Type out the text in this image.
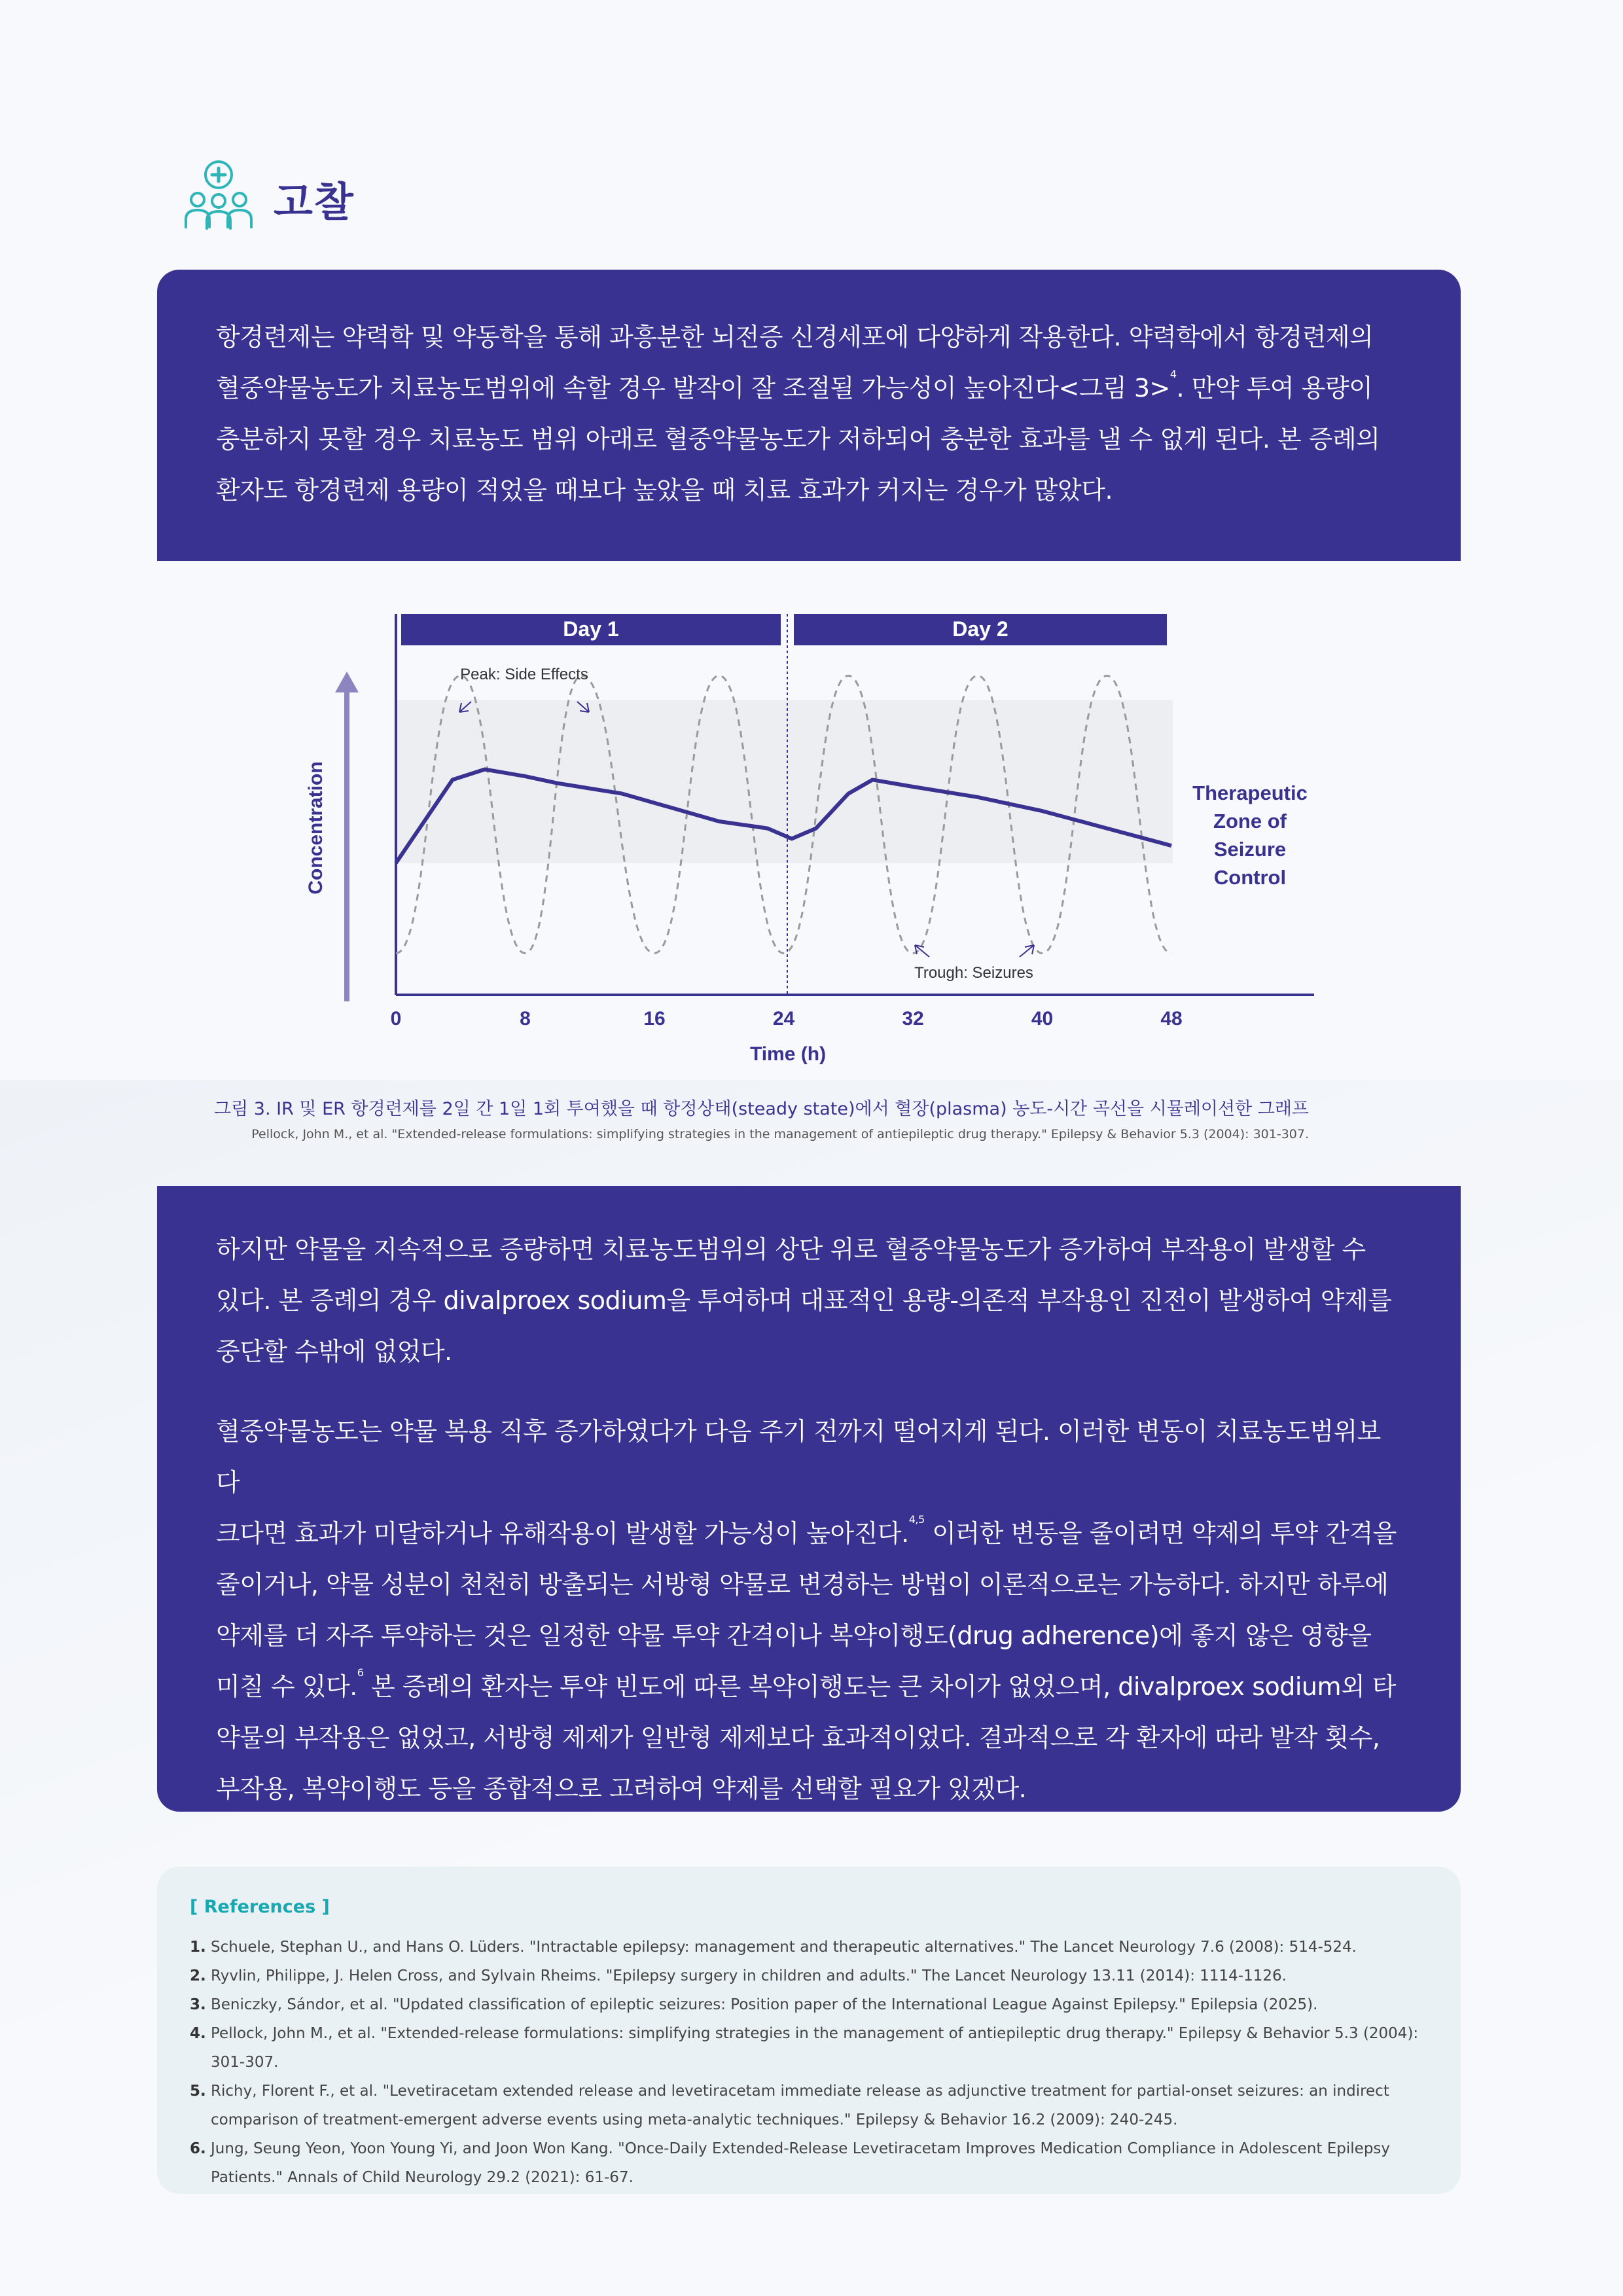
고찰

항경련제는 약력학 및 약동학을 통해 과흥분한 뇌전증 신경세포에 다양하게 작용한다. 약력학에서 항경련제의
혈중약물농도가 치료농도범위에 속할 경우 발작이 잘 조절될 가능성이 높아진다<그림 3>$^4$. 만약 투여 용량이
충분하지 못할 경우 치료농도 범위 아래로 혈중약물농도가 저하되어 충분한 효과를 낼 수 없게 된다. 본 증례의
환자도 항경련제 용량이 적었을 때보다 높았을 때 치료 효과가 커지는 경우가 많았다.

Day 1	Day 2
Concentration
0	8	16	24	32	40	48
Time (h)
Peak: Side Effects
Trough: Seizures
Therapeutic
Zone of
Seizure
Control
그림 3. IR 및 ER 항경련제를 2일 간 1일 1회 투여했을 때 항정상태(steady state)에서 혈장(plasma) 농도-시간 곡선을 시뮬레이션한 그래프
Pellock, John M., et al. "Extended-release formulations: simplifying strategies in the management of antiepileptic drug therapy." Epilepsy & Behavior 5.3 (2004): 301-307.

하지만 약물을 지속적으로 증량하면 치료농도범위의 상단 위로 혈중약물농도가 증가하여 부작용이 발생할 수
있다. 본 증례의 경우 divalproex sodium을 투여하며 대표적인 용량-의존적 부작용인 진전이 발생하여 약제를
중단할 수밖에 없었다.

혈중약물농도는 약물 복용 직후 증가하였다가 다음 주기 전까지 떨어지게 된다. 이러한 변동이 치료농도범위보다
크다면 효과가 미달하거나 유해작용이 발생할 가능성이 높아진다.$^{4,5}$ 이러한 변동을 줄이려면 약제의 투약 간격을
줄이거나, 약물 성분이 천천히 방출되는 서방형 약물로 변경하는 방법이 이론적으로는 가능하다. 하지만 하루에
약제를 더 자주 투약하는 것은 일정한 약물 투약 간격이나 복약이행도(drug adherence)에 좋지 않은 영향을
미칠 수 있다.$^6$ 본 증례의 환자는 투약 빈도에 따른 복약이행도는 큰 차이가 없었으며, divalproex sodium외 타
약물의 부작용은 없었고, 서방형 제제가 일반형 제제보다 효과적이었다. 결과적으로 각 환자에 따라 발작 횟수,
부작용, 복약이행도 등을 종합적으로 고려하여 약제를 선택할 필요가 있겠다.

[ References ]
1. Schuele, Stephan U., and Hans O. Lüders. "Intractable epilepsy: management and therapeutic alternatives." The Lancet Neurology 7.6 (2008): 514-524.
2. Ryvlin, Philippe, J. Helen Cross, and Sylvain Rheims. "Epilepsy surgery in children and adults." The Lancet Neurology 13.11 (2014): 1114-1126.
3. Beniczky, Sándor, et al. "Updated classification of epileptic seizures: Position paper of the International League Against Epilepsy." Epilepsia (2025).
4. Pellock, John M., et al. "Extended-release formulations: simplifying strategies in the management of antiepileptic drug therapy." Epilepsy & Behavior 5.3 (2004): 301-307.
5. Richy, Florent F., et al. "Levetiracetam extended release and levetiracetam immediate release as adjunctive treatment for partial-onset seizures: an indirect comparison of treatment-emergent adverse events using meta-analytic techniques." Epilepsy & Behavior 16.2 (2009): 240-245.
6. Jung, Seung Yeon, Yoon Young Yi, and Joon Won Kang. "Once-Daily Extended-Release Levetiracetam Improves Medication Compliance in Adolescent Epilepsy Patients." Annals of Child Neurology 29.2 (2021): 61-67.
